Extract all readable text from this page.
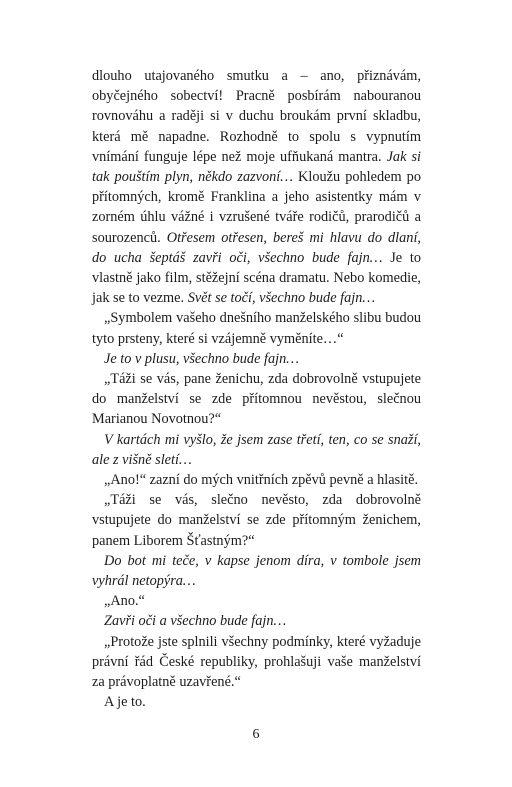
dlouho utajovaného smutku a – ano, přiznávám, obyčejného sobectví! Pracně posbírám nabouranou rovnováhu a raději si v duchu broukám první skladbu, která mě napadne. Rozhodně to spolu s vypnutím vnímání funguje lépe než moje ufňukaná mantra. Jak si tak pouštím plyn, někdo zazvoní… Kloužu pohledem po přítomných, kromě Franklina a jeho asistentky mám v zorném úhlu vážné i vzrušené tváře rodičů, prarodičů a sourozenců. Otřesem otřesen, bereš mi hlavu do dlaní, do ucha šeptáš zavři oči, všechno bude fajn… Je to vlastně jako film, stěžejní scéna dramatu. Nebo komedie, jak se to vezme. Svět se točí, všechno bude fajn…

„Symbolem vašeho dnešního manželského slibu budou tyto prsteny, které si vzájemně vyměníte…“

Je to v plusu, všechno bude fajn…

„Táži se vás, pane ženichu, zda dobrovolně vstupujete do manželství se zde přítomnou nevěstou, slečnou Marianou Novotnou?“

V kartách mi vyšlo, že jsem zase třetí, ten, co se snaží, ale z višně sletí…

„Ano!“ zazní do mých vnitřních zpěvů pevně a hlasitě.

„Táži se vás, slečno nevěsto, zda dobrovolně vstupujete do manželství se zde přítomným ženichem, panem Liborem Šťastným?“

Do bot mi teče, v kapse jenom díra, v tombole jsem vyhrál netopýra…

„Ano.“

Zavři oči a všechno bude fajn…

„Protože jste splnili všechny podmínky, které vyžaduje právní řád České republiky, prohlašuji vaše manželství za právoplatně uzavřené.“

A je to.

6
